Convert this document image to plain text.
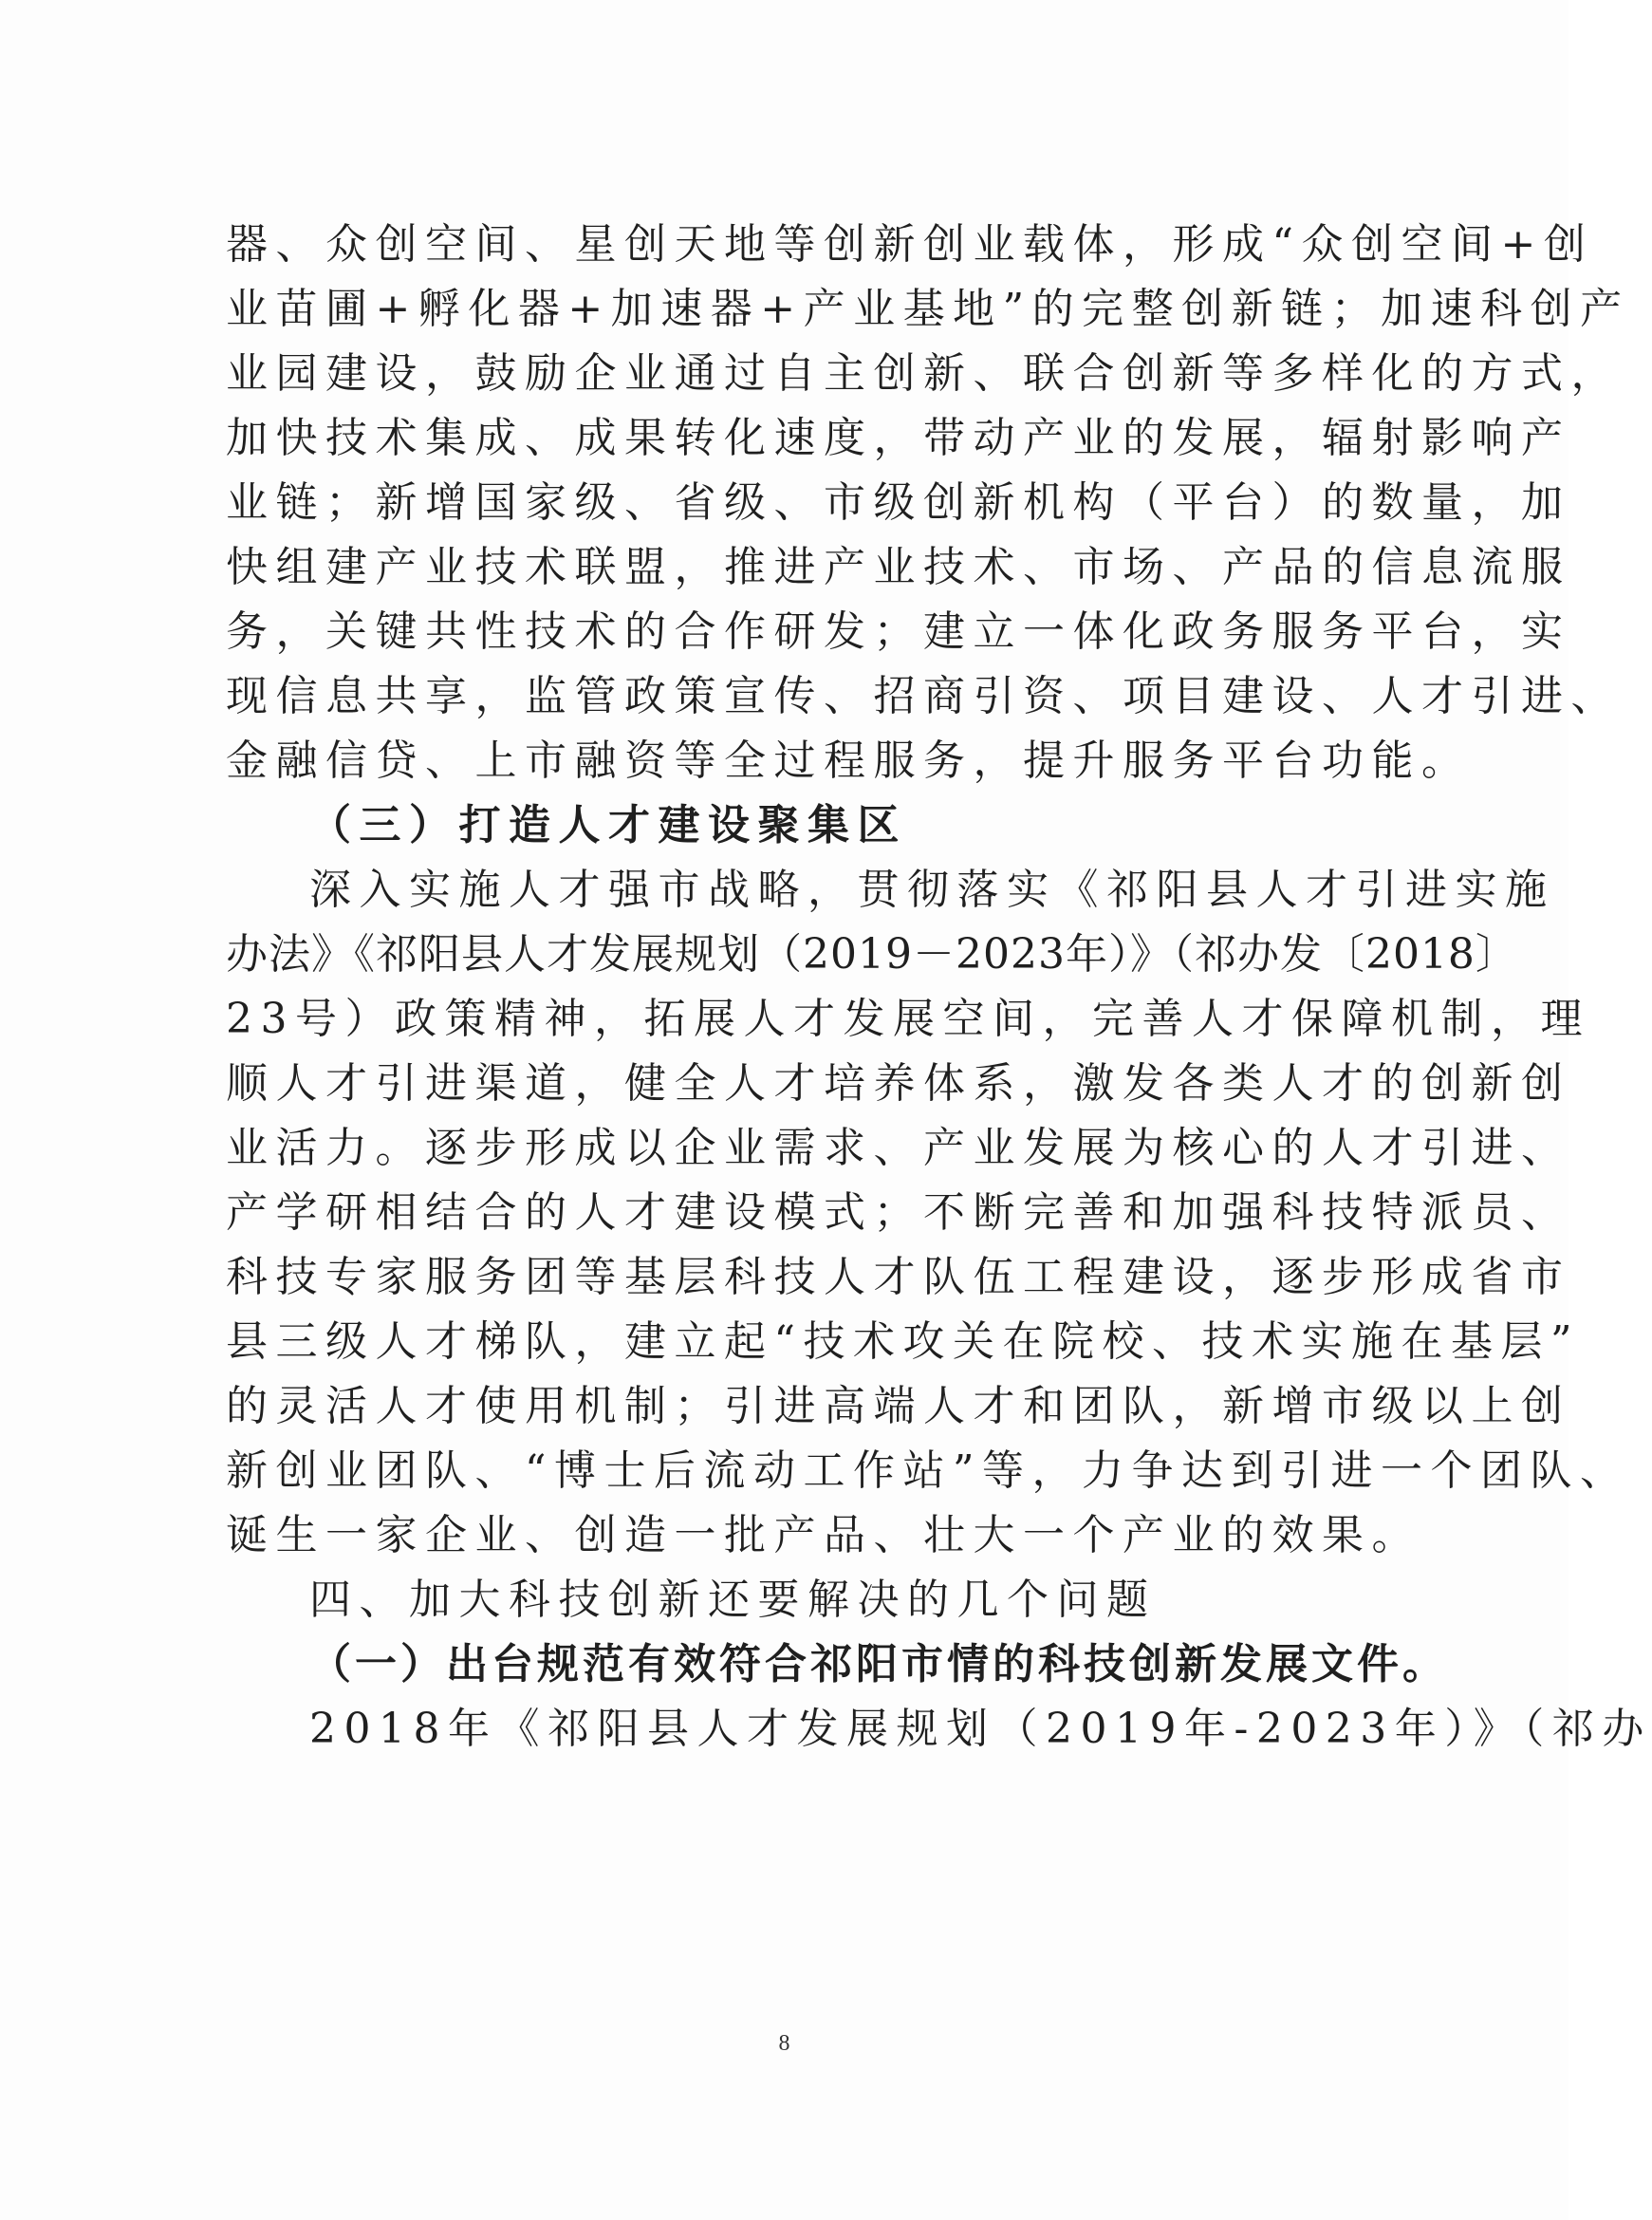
器、众创空间、星创天地等创新创业载体，形成“众创空间+创

业苗圃+孵化器+加速器+产业基地”的完整创新链；加速科创产

业园建设，鼓励企业通过自主创新、联合创新等多样化的方式，

加快技术集成、成果转化速度，带动产业的发展，辐射影响产

业链；新增国家级、省级、市级创新机构（平台）的数量，加

快组建产业技术联盟，推进产业技术、市场、产品的信息流服

务，关键共性技术的合作研发；建立一体化政务服务平台，实

现信息共享，监管政策宣传、招商引资、项目建设、人才引进、

金融信贷、上市融资等全过程服务，提升服务平台功能。

（三）打造人才建设聚集区

深入实施人才强市战略，贯彻落实《祁阳县人才引进实施

办法》《祁阳县人才发展规划（2019－2023年）》（祁办发〔2018〕

23号）政策精神，拓展人才发展空间，完善人才保障机制，理

顺人才引进渠道，健全人才培养体系，激发各类人才的创新创

业活力。逐步形成以企业需求、产业发展为核心的人才引进、

产学研相结合的人才建设模式；不断完善和加强科技特派员、

科技专家服务团等基层科技人才队伍工程建设，逐步形成省市

县三级人才梯队，建立起“技术攻关在院校、技术实施在基层”

的灵活人才使用机制；引进高端人才和团队，新增市级以上创

新创业团队、“博士后流动工作站”等，力争达到引进一个团队、

诞生一家企业、创造一批产品、壮大一个产业的效果。

四、加大科技创新还要解决的几个问题

（一）出台规范有效符合祁阳市情的科技创新发展文件。

2018年《祁阳县人才发展规划（2019年-2023年）》（祁办

8
